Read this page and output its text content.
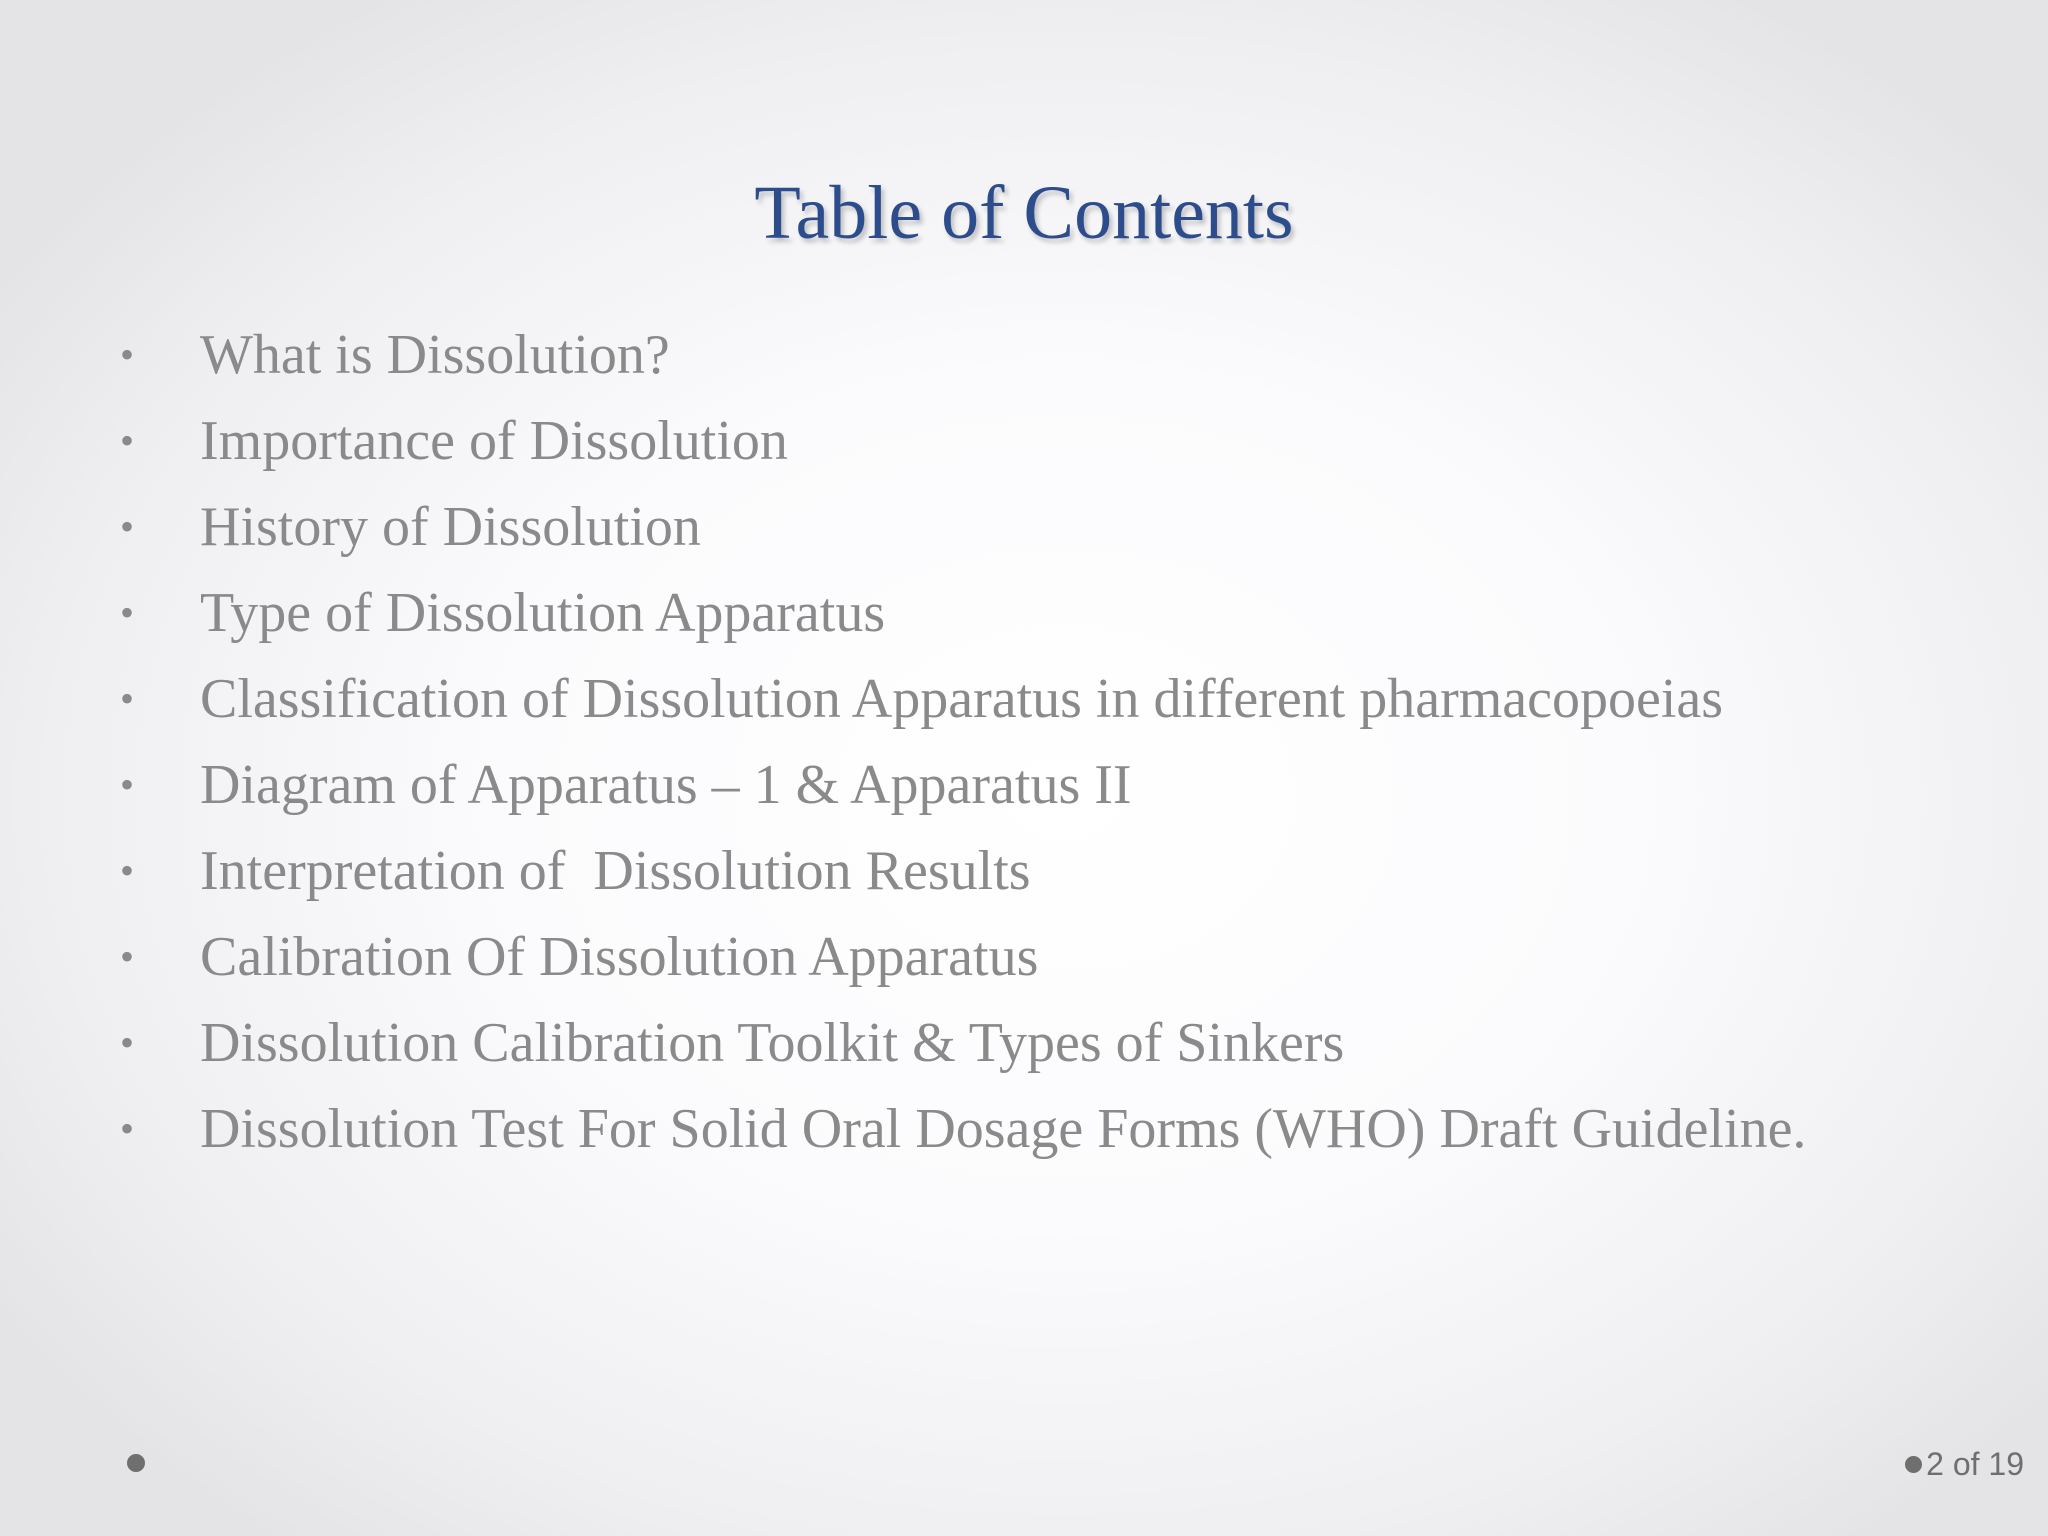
Table of Contents

•

What is Dissolution?

•

Importance of Dissolution

•

History of Dissolution

•

Type of Dissolution Apparatus

•

Classification of Dissolution Apparatus in different pharmacopoeias

•

Diagram of Apparatus – 1 & Apparatus II

•

Interpretation of  Dissolution Results

•

Calibration Of Dissolution Apparatus

•

Dissolution Calibration Toolkit & Types of Sinkers

•

Dissolution Test For Solid Oral Dosage Forms (WHO) Draft Guideline.

2 of 19
